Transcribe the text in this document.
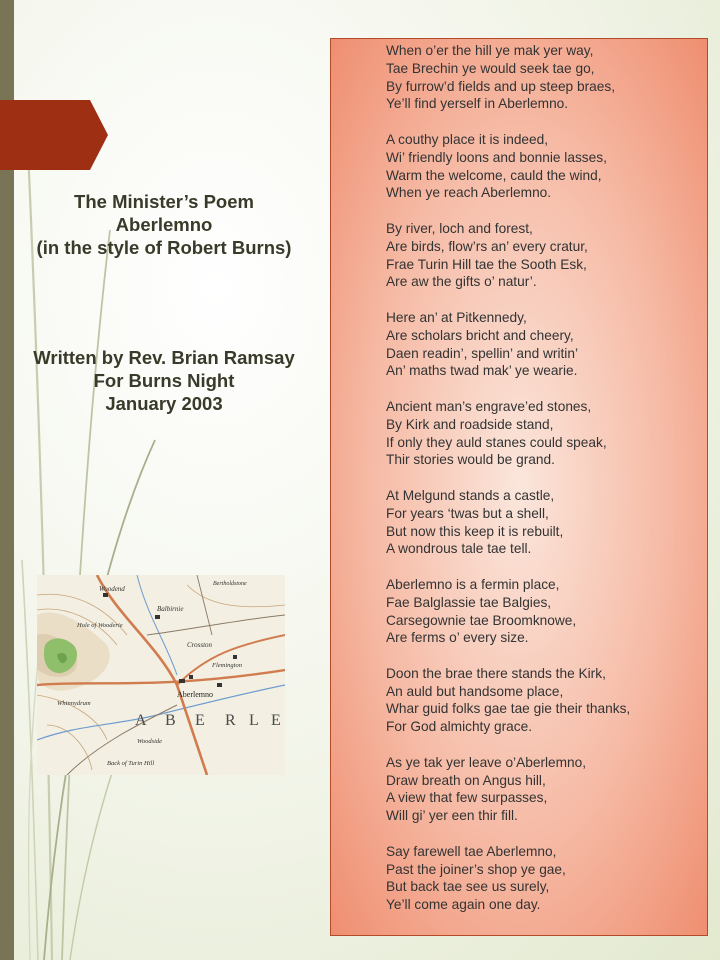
The Minister’s Poem
Aberlemno
(in the style of Robert Burns)
Written by Rev. Brian Ramsay
For Burns Night
January 2003
Woodend
Balbirnie
Crosston
Aberlemno
Flemington
Back of Turin Hill
Woodside
Whinnydrum
Hole of Wooderie
Bertholdstone
A B E R L E
When o’er the hill ye mak yer way,
Tae Brechin ye would seek tae go,
By furrow’d fields and up steep braes,
Ye’ll find yerself in Aberlemno.
A couthy place it is indeed,
Wi’ friendly loons and bonnie lasses,
Warm the welcome, cauld the wind,
When ye reach Aberlemno.
By river, loch and forest,
Are birds, flow’rs an’ every cratur,
Frae Turin Hill tae the Sooth Esk,
Are aw the gifts o’ natur’.
Here an’ at Pitkennedy,
Are scholars bricht and cheery,
Daen readin’, spellin’ and writin’
An’ maths twad mak’ ye wearie.
Ancient man’s engrave’ed stones,
By Kirk and roadside stand,
If only they auld stanes could speak,
Thir stories would be grand.
At Melgund stands a castle,
For years ‘twas but a shell,
But now this keep it is rebuilt,
A wondrous tale tae tell.
Aberlemno is a fermin place,
Fae Balglassie tae Balgies,
Carsegownie tae Broomknowe,
Are ferms o’ every size.
Doon the brae there stands the Kirk,
An auld but handsome place,
Whar guid folks gae tae gie their thanks,
For God almichty grace.
As ye tak yer leave o’Aberlemno,
Draw breath on Angus hill,
A view that few surpasses,
Will gi’ yer een thir fill.
Say farewell tae Aberlemno,
Past the joiner’s shop ye gae,
But back tae see us surely,
Ye’ll come again one day.
